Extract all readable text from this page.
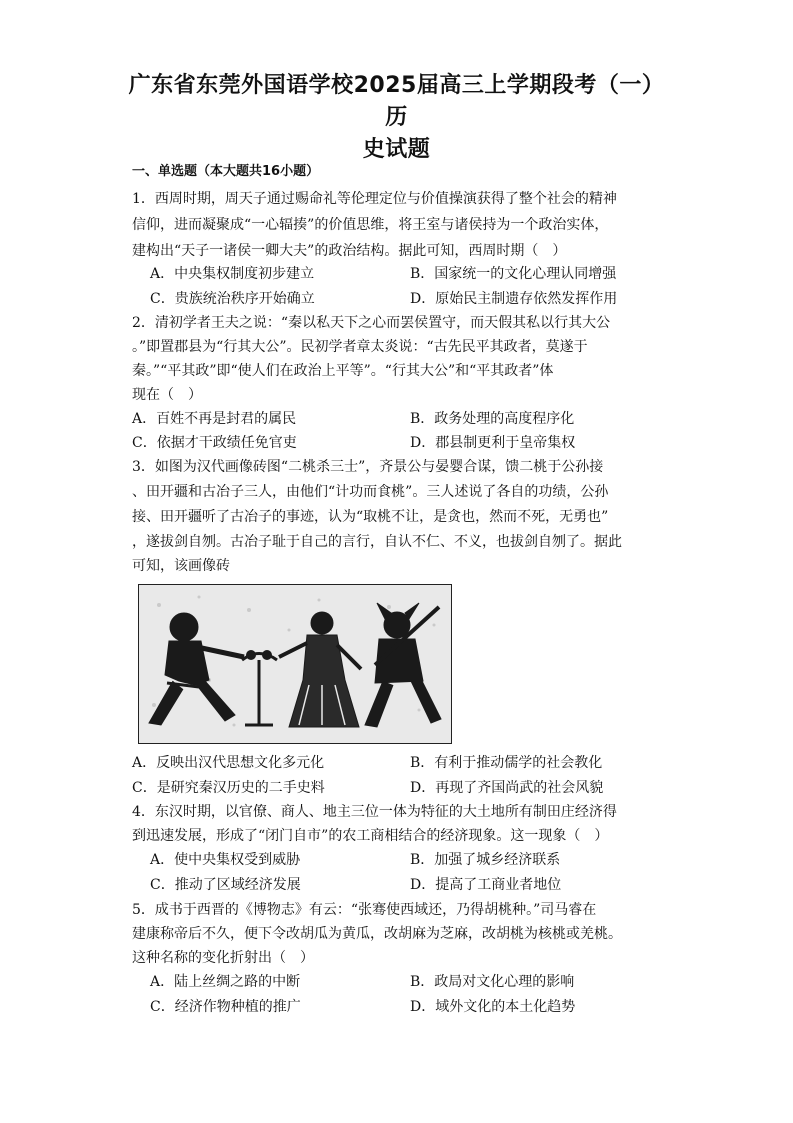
广东省东莞外国语学校2025届高三上学期段考（一）历
史试题
一、单选题（本大题共16小题）
1．西周时期，周天子通过赐命礼等伦理定位与价值操演获得了整个社会的精神
信仰，进而凝聚成“一心辐揍”的价值思维，将王室与诸侯持为一个政治实体，
建构出“天子一诸侯一卿大夫”的政治结构。据此可知，西周时期（　）
A．中央集权制度初步建立	B．国家统一的文化心理认同增强
C．贵族统治秩序开始确立	D．原始民主制遗存依然发挥作用
2．清初学者王夫之说：“秦以私天下之心而罢侯置守，而天假其私以行其大公
。”即置郡县为“行其大公”。民初学者章太炎说：“古先民平其政者，莫遂于
秦。”“平其政”即“使人们在政治上平等”。“行其大公”和“平其政者”体
现在（　）
A．百姓不再是封君的属民	B．政务处理的高度程序化
C．依据才干政绩任免官吏	D．郡县制更利于皇帝集权
3．如图为汉代画像砖图“二桃杀三士”，齐景公与晏婴合谋，馈二桃于公孙接
、田开疆和古冶子三人，由他们“计功而食桃”。三人述说了各自的功绩，公孙
接、田开疆听了古冶子的事迹，认为“取桃不让，是贪也，然而不死，无勇也”
，遂拔剑自刎。古冶子耻于自己的言行，自认不仁、不义，也拔剑自刎了。据此
可知，该画像砖
A．反映出汉代思想文化多元化	B．有利于推动儒学的社会教化
C．是研究秦汉历史的二手史料	D．再现了齐国尚武的社会风貌
4．东汉时期，以官僚、商人、地主三位一体为特征的大土地所有制田庄经济得
到迅速发展，形成了“闭门自市”的农工商相结合的经济现象。这一现象（　）
A．使中央集权受到威胁	B．加强了城乡经济联系
C．推动了区域经济发展	D．提高了工商业者地位
5．成书于西晋的《博物志》有云：“张骞使西域还，乃得胡桃种。”司马睿在
建康称帝后不久，便下令改胡瓜为黄瓜，改胡麻为芝麻，改胡桃为核桃或羌桃。
这种名称的变化折射出（　）
A．陆上丝绸之路的中断	B．政局对文化心理的影响
C．经济作物种植的推广	D．域外文化的本土化趋势
